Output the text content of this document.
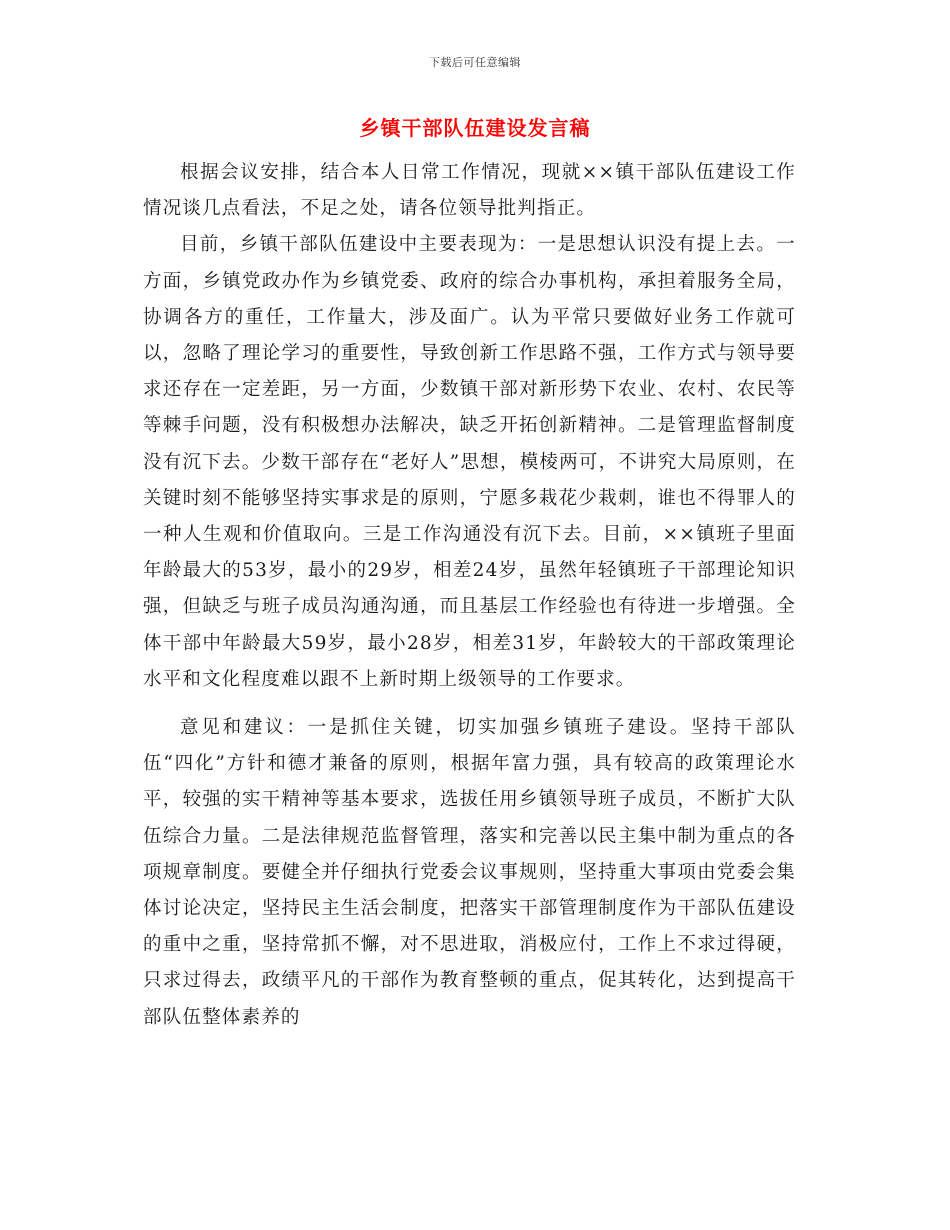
下载后可任意编辑
乡镇干部队伍建设发言稿

根据会议安排，结合本人日常工作情况，现就××镇干部队伍建设工作情况谈几点看法，不足之处，请各位领导批判指正。

目前，乡镇干部队伍建设中主要表现为：一是思想认识没有提上去。一方面，乡镇党政办作为乡镇党委、政府的综合办事机构，承担着服务全局，协调各方的重任，工作量大，涉及面广。认为平常只要做好业务工作就可以，忽略了理论学习的重要性，导致创新工作思路不强，工作方式与领导要求还存在一定差距，另一方面，少数镇干部对新形势下农业、农村、农民等等棘手问题，没有积极想办法解决，缺乏开拓创新精神。二是管理监督制度没有沉下去。少数干部存在“老好人”思想，模棱两可，不讲究大局原则，在关键时刻不能够坚持实事求是的原则，宁愿多栽花少栽刺，谁也不得罪人的一种人生观和价值取向。三是工作沟通没有沉下去。目前，××镇班子里面年龄最大的53岁，最小的29岁，相差24岁，虽然年轻镇班子干部理论知识强，但缺乏与班子成员沟通沟通，而且基层工作经验也有待进一步增强。全体干部中年龄最大59岁，最小28岁，相差31岁，年龄较大的干部政策理论水平和文化程度难以跟不上新时期上级领导的工作要求。

意见和建议：一是抓住关键，切实加强乡镇班子建设。坚持干部队伍“四化”方针和德才兼备的原则，根据年富力强，具有较高的政策理论水平，较强的实干精神等基本要求，选拔任用乡镇领导班子成员，不断扩大队伍综合力量。二是法律规范监督管理，落实和完善以民主集中制为重点的各项规章制度。要健全并仔细执行党委会议事规则，坚持重大事项由党委会集体讨论决定，坚持民主生活会制度，把落实干部管理制度作为干部队伍建设的重中之重，坚持常抓不懈，对不思进取，消极应付，工作上不求过得硬，只求过得去，政绩平凡的干部作为教育整顿的重点，促其转化，达到提高干部队伍整体素养的
